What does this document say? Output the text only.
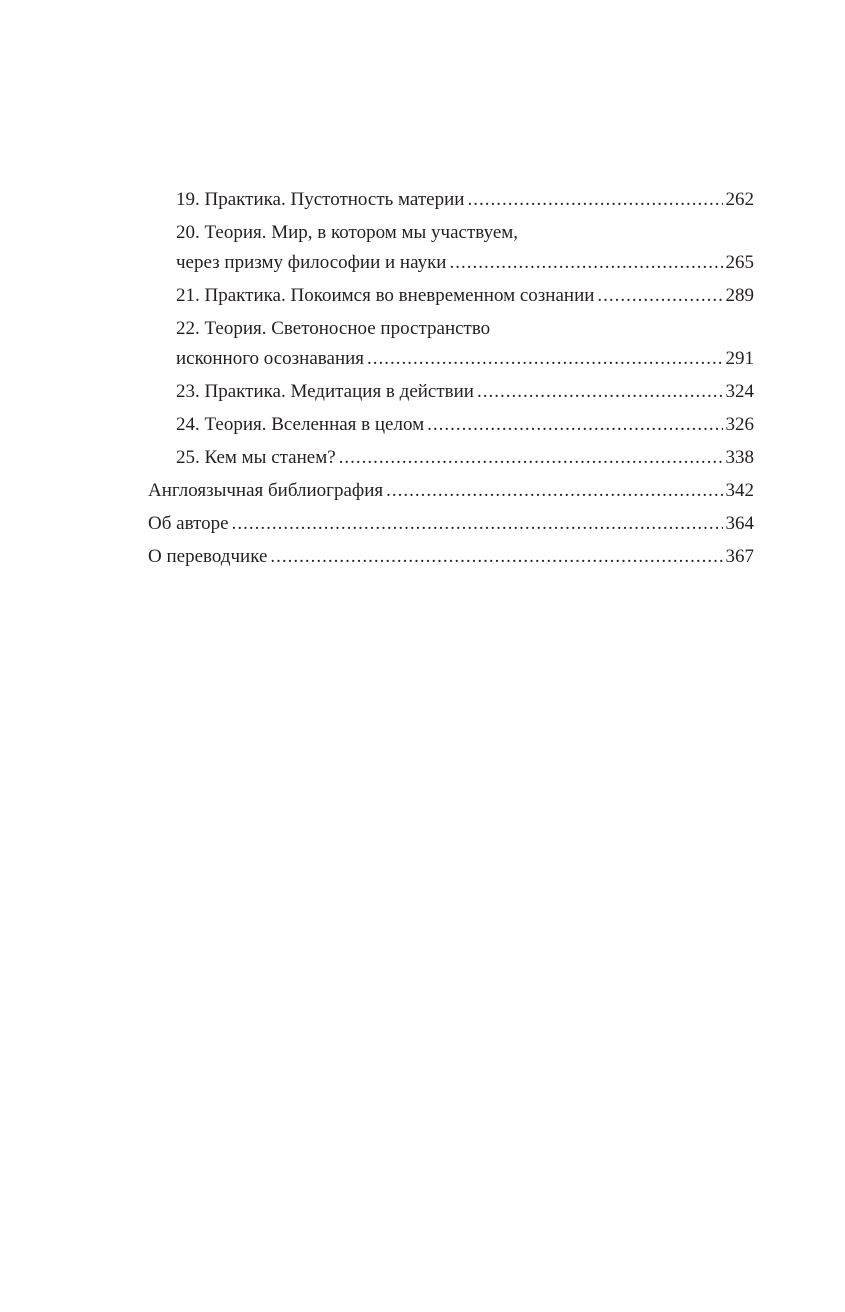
19. Практика. Пустотность материи .....	262
20. Теория. Мир, в котором мы участвуем,
через призму философии и науки .....	265
21. Практика. Покоимся во вневременном сознании .....	289
22. Теория. Светоносное пространство
исконного осознавания .....	291
23. Практика. Медитация в действии .....	324
24. Теория. Вселенная в целом .....	326
25. Кем мы станем? .....	338
Англоязычная библиография .....	342
Об авторе .....	364
О переводчике .....	367
